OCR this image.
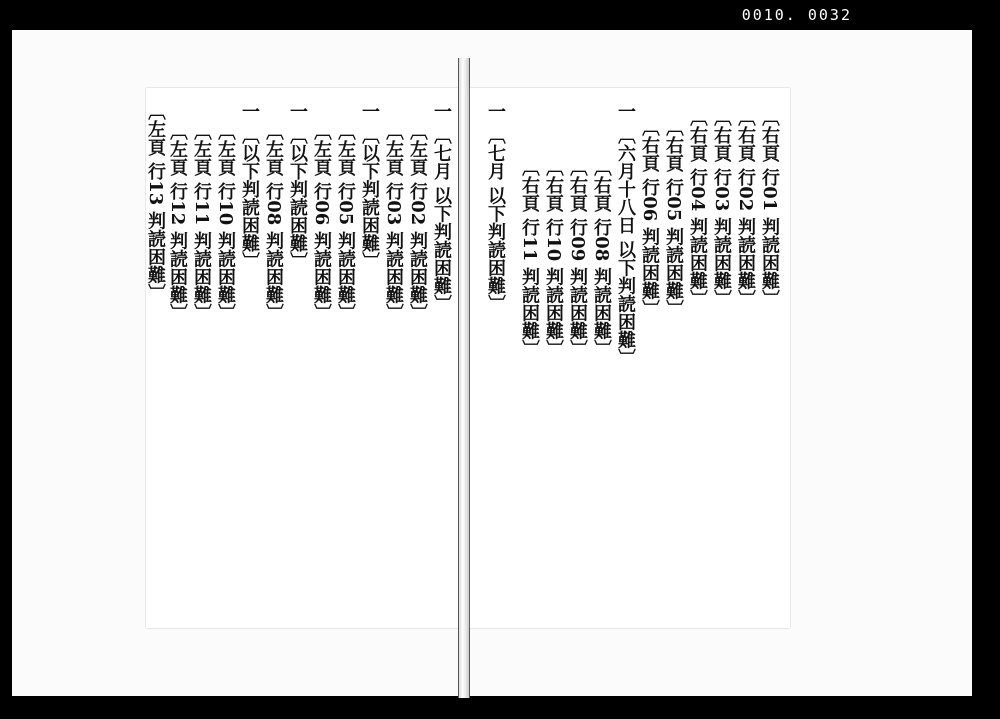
0010. 0032
一 〔七月 以下判読困難〕
〔左頁 行02 判読困難〕
〔左頁 行03 判読困難〕
一 〔以下判読困難〕
〔左頁 行05 判読困難〕
〔左頁 行06 判読困難〕
一 〔以下判読困難〕
〔左頁 行08 判読困難〕
一 〔以下判読困難〕
〔左頁 行10 判読困難〕
〔左頁 行11 判読困難〕
〔左頁 行12 判読困難〕
〔左頁 行13 判読困難〕	〔右頁 行01 判読困難〕
〔右頁 行02 判読困難〕
〔右頁 行03 判読困難〕
〔右頁 行04 判読困難〕
〔右頁 行05 判読困難〕
〔右頁 行06 判読困難〕
一 〔六月十八日 以下判読困難〕
〔右頁 行08 判読困難〕
〔右頁 行09 判読困難〕
〔右頁 行10 判読困難〕
〔右頁 行11 判読困難〕
一 〔七月 以下判読困難〕
